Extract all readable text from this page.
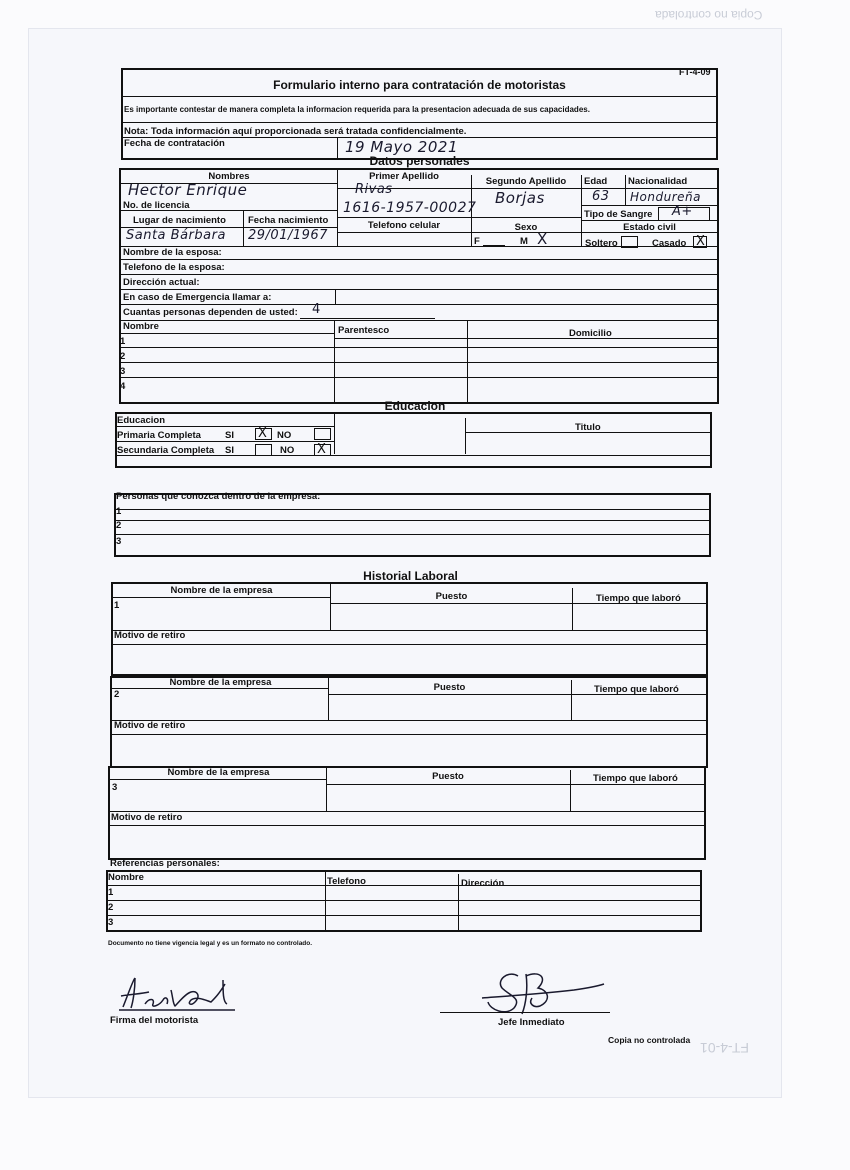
Copia no controlada
FT-4-01
FT-4-09
Formulario interno para contratación de motoristas
Es importante contestar de manera completa la informacion requerida para la presentacion adecuada de sus capacidades.
Nota: Toda información aquí proporcionada será tratada confidencialmente.
Fecha de contratación	19 Mayo 2021
Datos personales
Nombres	Primer Apellido	Segundo Apellido	Edad Nacionalidad
Hector Enrique	Rivas	Borjas	63 Hondureña
No. de licencia	1616-1957-00027	Tipo de Sangre A+
Lugar de nacimiento Fecha nacimiento	Telefono celular	Sexo	Estado civil
Santa Bárbara 29/01/1967	F	M X	Soltero	Casado
X
Nombre de la esposa:
Telefono de la esposa:
Dirección actual:
En caso de Emergencia llamar a:
Cuantas personas dependen de usted: 4
Nombre	Parentesco	Domicilio
1
2
3
4
Educacion
Educacion
Titulo
Primaria Completa	SI
X	NO
Secundaria Completa SI	NO
X
Personas que conozca dentro de la empresa:
1
2
3
Historial Laboral
Nombre de la empresa
Puesto	Tiempo que laboró
1
Motivo de retiro
Nombre de la empresa	Puesto	Tiempo que laboró
2
Motivo de retiro
Nombre de la empresa	Puesto	Tiempo que laboró
3
Motivo de retiro
Referencias personales:
Nombre	Telefono	Dirección
1
2
3
Documento no tiene vigencia legal y es un formato no controlado.
Firma del motorista	Jefe Inmediato
Copia no controlada
